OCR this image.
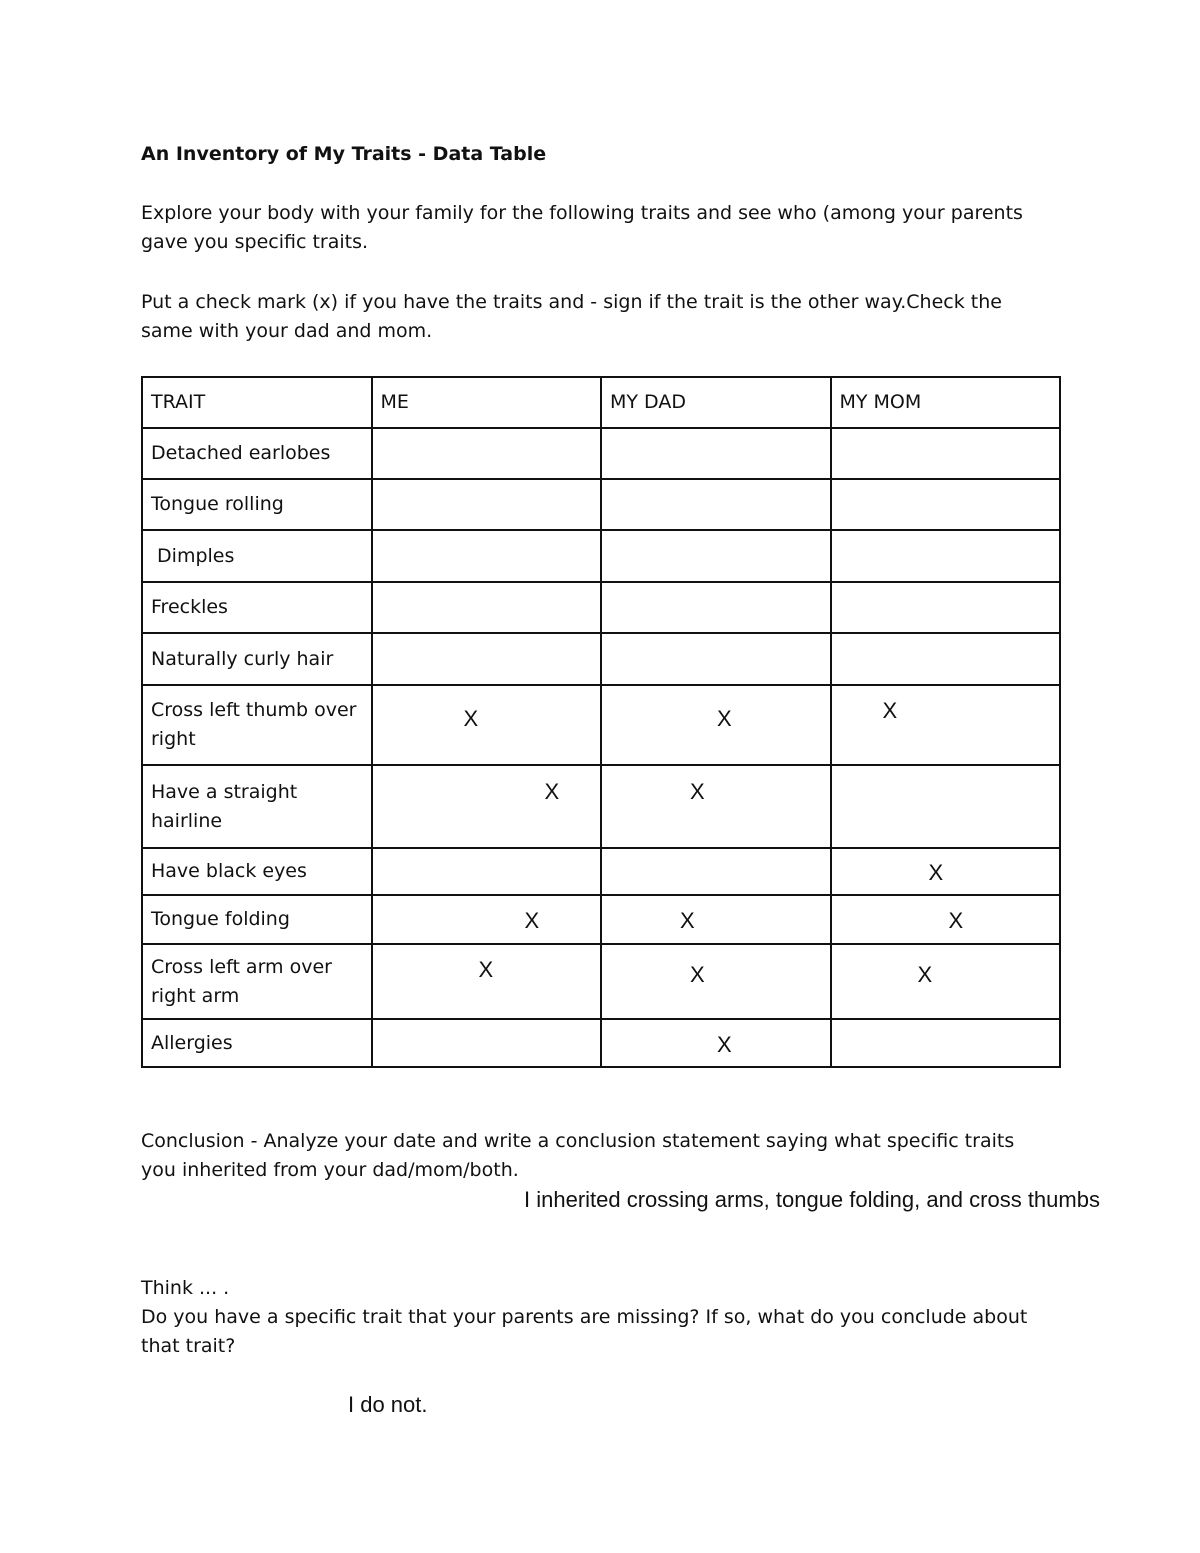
An Inventory of My Traits - Data Table

Explore your body with your family for the following traits and see who (among your parents gave you specific traits.

Put a check mark (x) if you have the traits and - sign if the trait is the other way.Check the same with your dad and mom.

TRAIT	ME	MY DAD	MY MOM
Detached earlobes			
Tongue rolling			
Dimples			
Freckles			
Naturally curly hair			
Cross left thumb over right	X	X	X

Have a straight hairline	X	X	

Have black eyes			X

Tongue folding	X	X	X

Cross left arm over right arm	X	X	X

Allergies		X	

Conclusion - Analyze your date and write a conclusion statement saying what specific traits you inherited from your dad/mom/both.

I inherited crossing arms, tongue folding, and cross thumbs

Think ... .
Do you have a specific trait that your parents are missing? If so, what do you conclude about that trait?

I do not.
